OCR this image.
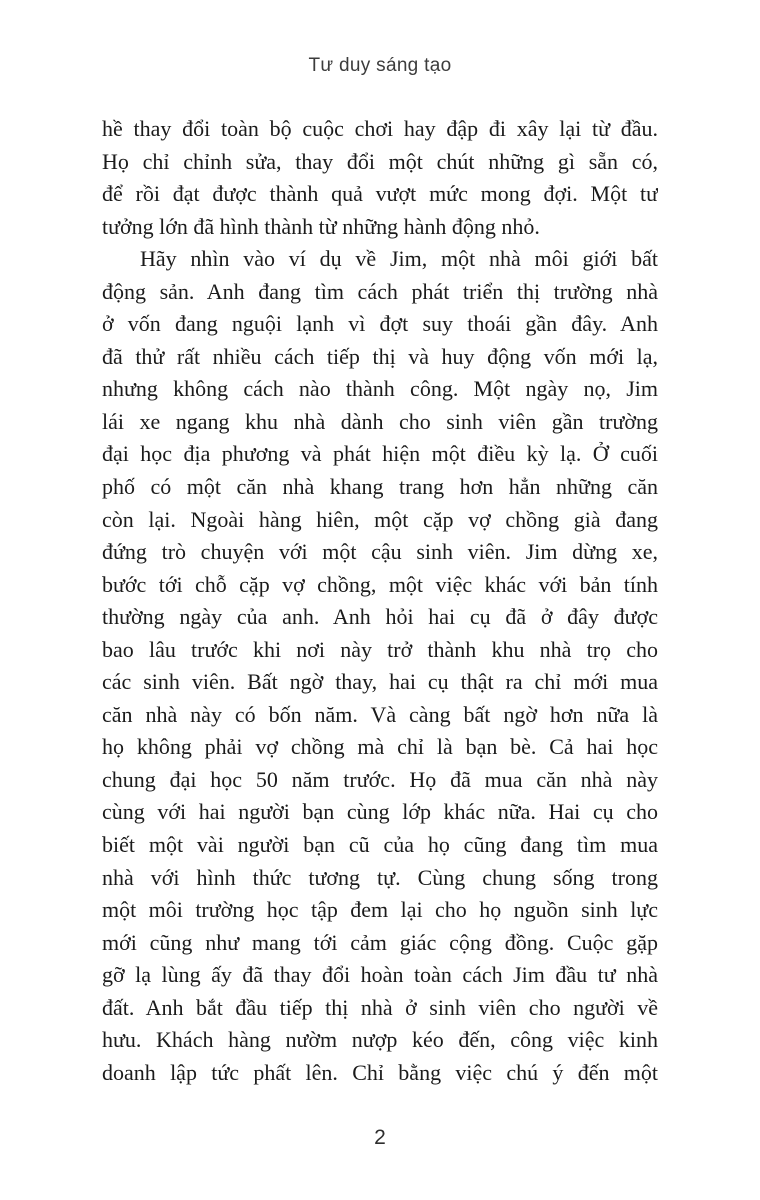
Tư duy sáng tạo
hề thay đổi toàn bộ cuộc chơi hay đập đi xây lại từ đầu.
Họ chỉ chỉnh sửa, thay đổi một chút những gì sẵn có,
để rồi đạt được thành quả vượt mức mong đợi. Một tư
tưởng lớn đã hình thành từ những hành động nhỏ.
Hãy nhìn vào ví dụ về Jim, một nhà môi giới bất
động sản. Anh đang tìm cách phát triển thị trường nhà
ở vốn đang nguội lạnh vì đợt suy thoái gần đây. Anh
đã thử rất nhiều cách tiếp thị và huy động vốn mới lạ,
nhưng không cách nào thành công. Một ngày nọ, Jim
lái xe ngang khu nhà dành cho sinh viên gần trường
đại học địa phương và phát hiện một điều kỳ lạ. Ở cuối
phố có một căn nhà khang trang hơn hẳn những căn
còn lại. Ngoài hàng hiên, một cặp vợ chồng già đang
đứng trò chuyện với một cậu sinh viên. Jim dừng xe,
bước tới chỗ cặp vợ chồng, một việc khác với bản tính
thường ngày của anh. Anh hỏi hai cụ đã ở đây được
bao lâu trước khi nơi này trở thành khu nhà trọ cho
các sinh viên. Bất ngờ thay, hai cụ thật ra chỉ mới mua
căn nhà này có bốn năm. Và càng bất ngờ hơn nữa là
họ không phải vợ chồng mà chỉ là bạn bè. Cả hai học
chung đại học 50 năm trước. Họ đã mua căn nhà này
cùng với hai người bạn cùng lớp khác nữa. Hai cụ cho
biết một vài người bạn cũ của họ cũng đang tìm mua
nhà với hình thức tương tự. Cùng chung sống trong
một môi trường học tập đem lại cho họ nguồn sinh lực
mới cũng như mang tới cảm giác cộng đồng. Cuộc gặp
gỡ lạ lùng ấy đã thay đổi hoàn toàn cách Jim đầu tư nhà
đất. Anh bắt đầu tiếp thị nhà ở sinh viên cho người về
hưu. Khách hàng nườm nượp kéo đến, công việc kinh
doanh lập tức phất lên. Chỉ bằng việc chú ý đến một
2
